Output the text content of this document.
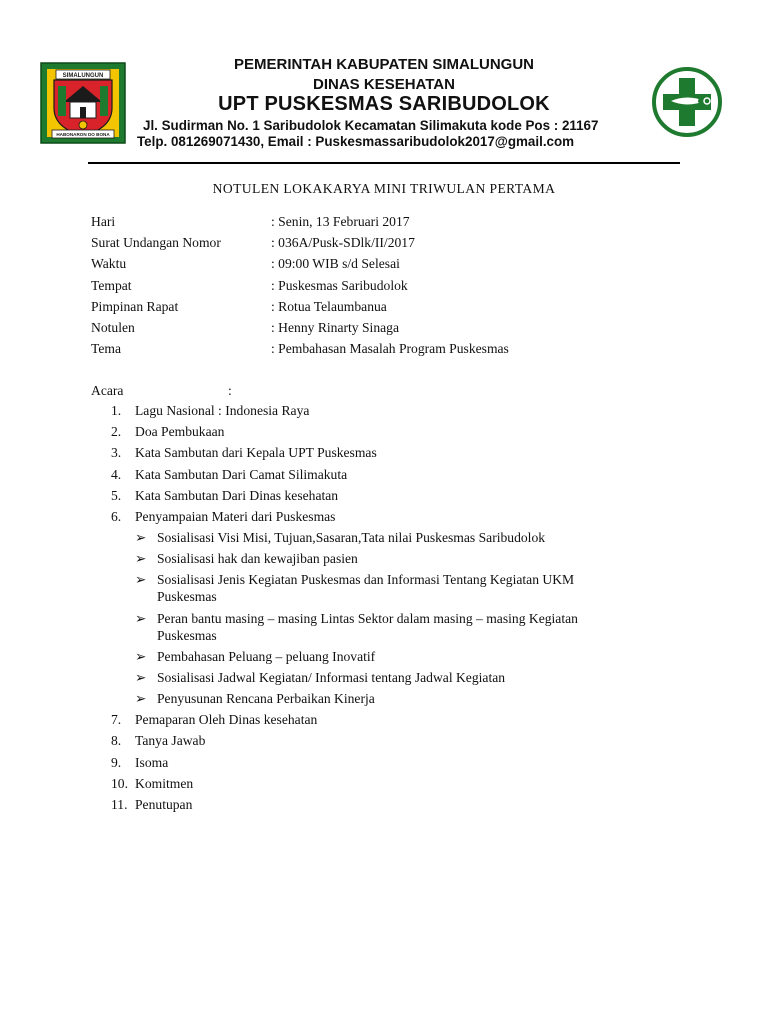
SIMALUNGUN
HABONARON DO BONA
PEMERINTAH KABUPATEN SIMALUNGUN
DINAS KESEHATAN
UPT PUSKESMAS SARIBUDOLOK
Jl. Sudirman No. 1 Saribudolok Kecamatan Silimakuta kode Pos : 21167
Telp. 081269071430, Email : Puskesmassaribudolok2017@gmail.com
NOTULEN LOKAKARYA MINI TRIWULAN PERTAMA
Hari	: Senin, 13 Februari 2017
Surat Undangan Nomor	: 036A/Pusk-SDlk/II/2017
Waktu	: 09:00 WIB s/d Selesai
Tempat	: Puskesmas Saribudolok
Pimpinan Rapat	: Rotua Telaumbanua
Notulen	: Henny Rinarty Sinaga
Tema	: Pembahasan Masalah Program Puskesmas
Acara	:
1.	Lagu Nasional : Indonesia Raya
2.	Doa Pembukaan
3.	Kata Sambutan dari Kepala UPT Puskesmas
4.	Kata Sambutan Dari Camat Silimakuta
5.	Kata Sambutan Dari Dinas kesehatan
6.	Penyampaian Materi dari Puskesmas
➢ Sosialisasi Visi Misi, Tujuan,Sasaran,Tata nilai Puskesmas Saribudolok
➢ Sosialisasi hak dan kewajiban pasien
➢ Sosialisasi Jenis Kegiatan Puskesmas dan Informasi Tentang Kegiatan UKM Puskesmas
➢ Peran bantu masing – masing Lintas Sektor dalam masing – masing Kegiatan Puskesmas
➢ Pembahasan Peluang – peluang Inovatif
➢ Sosialisasi Jadwal Kegiatan/ Informasi tentang Jadwal Kegiatan
➢ Penyusunan Rencana Perbaikan Kinerja
7.	Pemaparan Oleh Dinas kesehatan
8.	Tanya Jawab
9.	Isoma
10. Komitmen
11. Penutupan
